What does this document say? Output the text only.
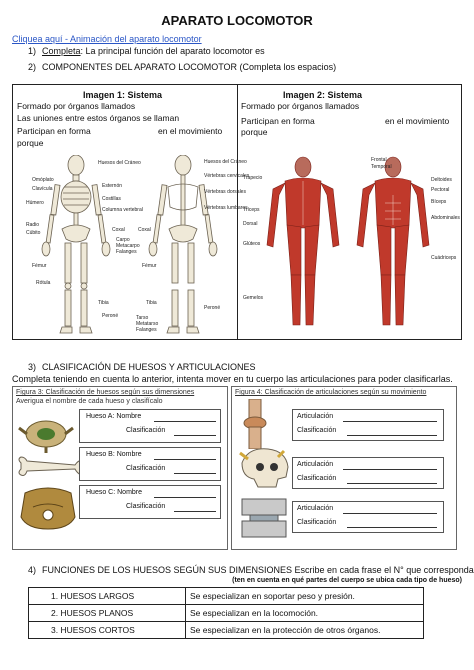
APARATO LOCOMOTOR
Cliquea aquí - Animación del aparato locomotor
1) Completa: La principal función del aparato locomotor es
2) COMPONENTES DEL APARATO LOCOMOTOR (Completa los espacios)
Imagen 1: Sistema
Formado por órganos llamados
Las uniones entre estos órganos se llaman
Participan en forma	en el movimiento
porque
Imagen 2: Sistema
Formado por órganos llamados
Participan en forma	en el movimiento
porque
Huesos del Cráneo
Omóplato
Clavícula
Húmero
Radio
Cúbito
Fémur
Rótula
Tibia
Peroné
Esternón
Costillas
Columna vertebral
Coxal
Carpo
Metacarpo
Falanges
Huesos del Cráneo
Vértebras cervicales
Vértebras dorsales
Vértebras lumbares
Coxal
Fémur
Tibia
Peroné
Tarso
Metatarso
Falanges
Frontal
Temporal
Trapecio	Deltoides
Pectoral
Bíceps
Abdominales
Cuádriceps
Gemelos
Glúteos
Tríceps
Dorsal
3) CLASIFICACIÓN DE HUESOS Y ARTICULACIONES
Completa teniendo en cuenta lo anterior, intenta mover en tu cuerpo las articulaciones para poder clasificarlas.
Figura 3: Clasificación de huesos según sus dimensiones
Averigua el nombre de cada hueso y clasifícalo
Hueso A: Nombre
Clasificación
Hueso B: Nombre
Clasificación
Hueso C: Nombre
Clasificación
Figura 4: Clasificación de articulaciones según su movimiento
Articulación
Clasificación
Articulación
Clasificación
Articulación
Clasificación
4) FUNCIONES DE LOS HUESOS SEGÚN SUS DIMENSIONES Escribe en cada frase el N° que corresponda
(ten en cuenta en qué partes del cuerpo se ubica cada tipo de hueso)
1. HUESOS LARGOS	Se especializan en soportar peso y presión.
2. HUESOS PLANOS	Se especializan en la locomoción.
3. HUESOS CORTOS	Se especializan en la protección de otros órganos.
